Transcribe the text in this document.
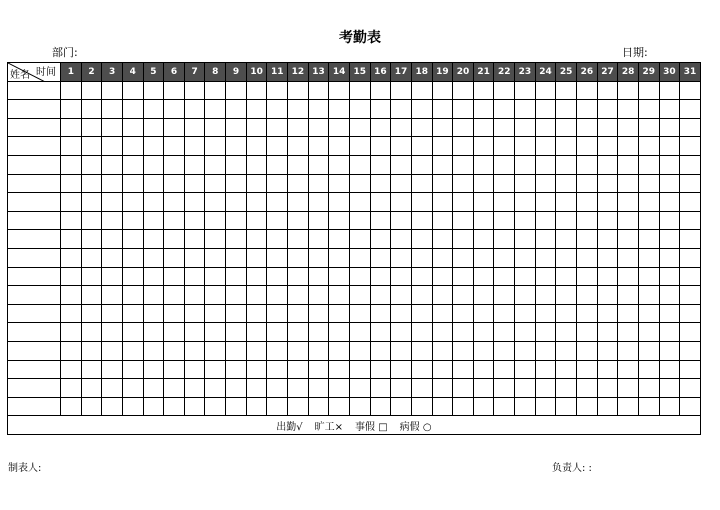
考勤表
部门:	日期:
时间
姓名	1	2	3	4	5	6	7	8	9	10	11	12	13	14	15	16	17	18	19	20	21	22	23	24	25	26	27	28	29	30	31

出勤√ 旷工× 事假 □ 病假 ○																															
制表人:	负责人: :
